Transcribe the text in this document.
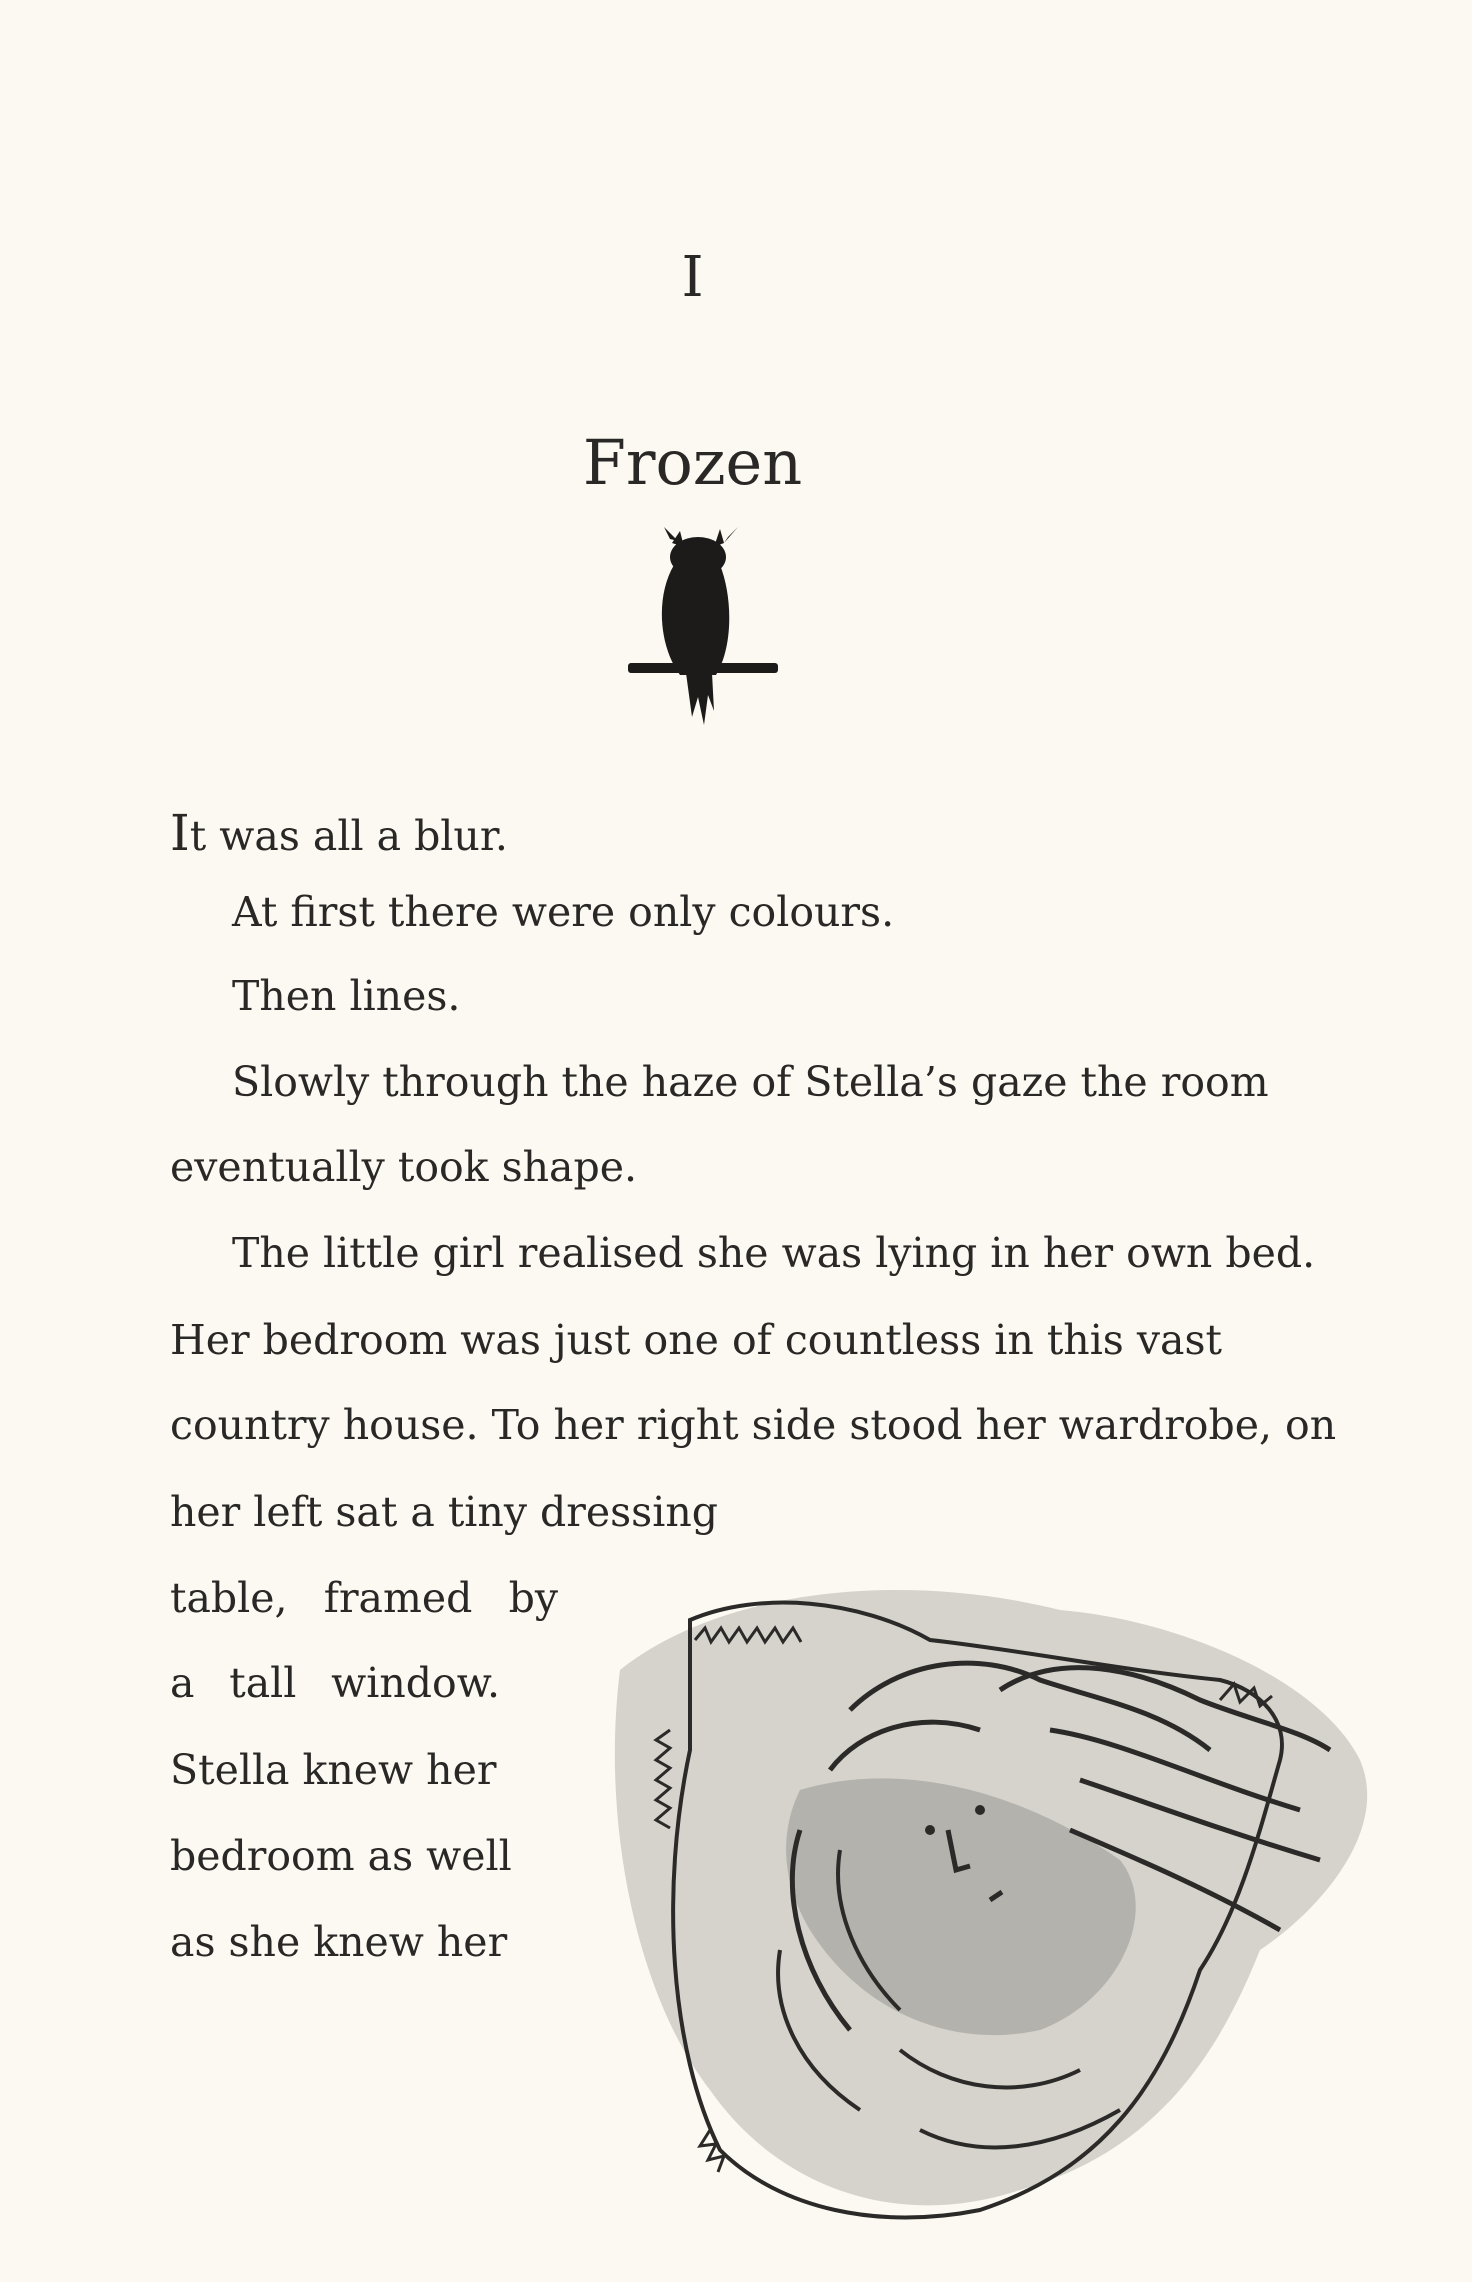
I
Frozen
It was all a blur.
At first there were only colours.
Then lines.
Slowly through the haze of Stella’s gaze the room
eventually took shape.
The little girl realised she was lying in her own bed.
Her bedroom was just one of countless in this vast
country house. To her right side stood her wardrobe, on
her left sat a tiny dressing
table, framed by
a tall window.
Stella knew her
bedroom as well
as she knew her
